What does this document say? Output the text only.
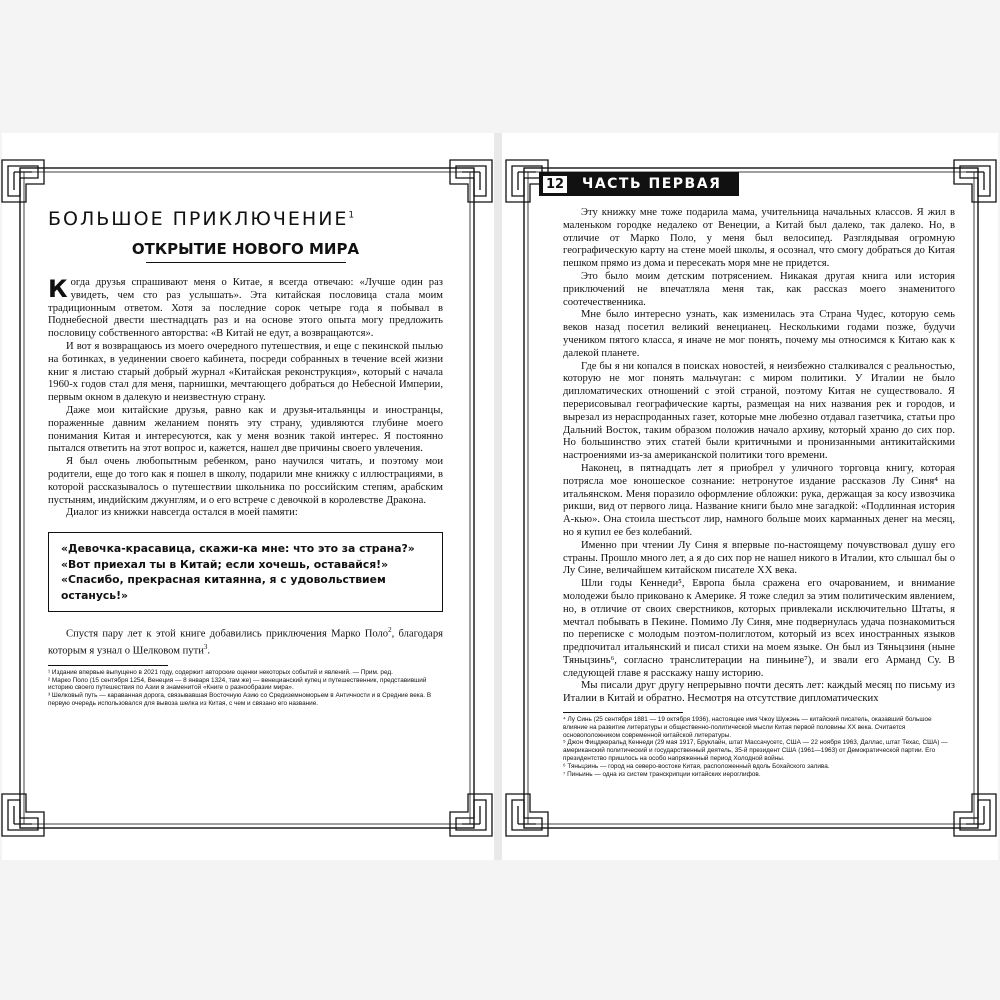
БОЛЬШОЕ ПРИКЛЮЧЕНИЕ$^1$
ОТКРЫТИЕ НОВОГО МИРА

Когда друзья спрашивают меня о Китае, я всегда отвечаю: «Лучше один раз увидеть, чем сто раз услышать». Эта китайская пословица стала моим традиционным ответом. Хотя за последние сорок четыре года я побывал в Поднебесной двести шестнадцать раз и на основе этого опыта могу предложить пословицу собственного авторства: «В Китай не едут, а возвращаются».

И вот я возвращаюсь из моего очередного путешествия, и еще с пекинской пылью на ботинках, в уединении своего кабинета, посреди собранных в течение всей жизни книг я листаю старый добрый журнал «Китайская реконструкция», который с начала 1960-х годов стал для меня, парнишки, мечтающего добраться до Небесной Империи, первым окном в далекую и неизвестную страну.

Даже мои китайские друзья, равно как и друзья-итальянцы и иностранцы, пораженные давним желанием понять эту страну, удивляются глубине моего понимания Китая и интересуются, как у меня возник такой интерес. Я постоянно пытался ответить на этот вопрос и, кажется, нашел две причины своего увлечения.

Я был очень любопытным ребенком, рано научился читать, и поэтому мои родители, еще до того как я пошел в школу, подарили мне книжку с иллюстрациями, в которой рассказывалось о путешествии школьника по российским степям, арабским пустыням, индийским джунглям, и о его встрече с девочкой в королевстве Дракона.

Диалог из книжки навсегда остался в моей памяти:

«Девочка-красавица, скажи-ка мне: что это за страна?»

«Вот приехал ты в Китай; если хочешь, оставайся!»

«Спасибо, прекрасная китаянна, я с удовольствием останусь!»

Спустя пару лет к этой книге добавились приключения Марко Поло$^2$, благодаря которым я узнал о Шелковом пути$^3$.

¹ Издание впервые выпущено в 2021 году, содержит авторские оценки некоторых событий и явлений. — Прим. ред.

² Марко Поло (15 сентября 1254, Венеция — 8 января 1324, там же) — венецианский купец и путешественник, представивший историю своего путешествия по Азии в знаменитой «Книге о разнообразии мира».

³ Шелковый путь — караванная дорога, связывавшая Восточную Азию со Средиземноморьем в Античности и в Средние века. В первую очередь использовался для вывоза шелка из Китая, с чем и связано его название.

12 ЧАСТЬ ПЕРВАЯ

Эту книжку мне тоже подарила мама, учительница начальных классов. Я жил в маленьком городке недалеко от Венеции, а Китай был далеко, так далеко. Но, в отличие от Марко Поло, у меня был велосипед. Разглядывая огромную географическую карту на стене моей школы, я осознал, что смогу добраться до Китая пешком прямо из дома и пересекать моря мне не придется.

Это было моим детским потрясением. Никакая другая книга или история приключений не впечатляла меня так, как рассказ моего знаменитого соотечественника.

Мне было интересно узнать, как изменилась эта Страна Чудес, которую семь веков назад посетил великий венецианец. Несколькими годами позже, будучи учеником пятого класса, я иначе не мог понять, почему мы относимся к Китаю как к далекой планете.

Где бы я ни копался в поисках новостей, я неизбежно сталкивался с реальностью, которую не мог понять мальчуган: с миром политики. У Италии не было дипломатических отношений с этой страной, поэтому Китая не существовало. Я перерисовывал географические карты, размещая на них названия рек и городов, и вырезал из нераспроданных газет, которые мне любезно отдавал газетчика, статьи про Дальний Восток, таким образом положив начало архиву, который храню до сих пор. Но большинство этих статей были критичными и пронизанными антикитайскими настроениями из-за американской политики того времени.

Наконец, в пятнадцать лет я приобрел у уличного торговца книгу, которая потрясла мое юношеское сознание: нетронутое издание рассказов Лу Синя⁴ на итальянском. Меня поразило оформление обложки: рука, держащая за косу извозчика рикши, вид от первого лица. Название книги было мне загадкой: «Подлинная история А-кью». Она стоила шестьсот лир, намного больше моих карманных денег на месяц, но я купил ее без колебаний.

Именно при чтении Лу Синя я впервые по-настоящему почувствовал душу его страны. Прошло много лет, а я до сих пор не нашел никого в Италии, кто слышал бы о Лу Сине, величайшем китайском писателе XX века.

Шли годы Кеннеди⁵, Европа была сражена его очарованием, и внимание молодежи было приковано к Америке. Я тоже следил за этим политическим явлением, но, в отличие от своих сверстников, которых привлекали исключительно Штаты, я мечтал побывать в Пекине. Помимо Лу Синя, мне подвернулась удача познакомиться по переписке с молодым поэтом-полиглотом, который из всех иностранных языков предпочитал итальянский и писал стихи на моем языке. Он был из Тяньцзиня (ныне Тяньцзинь⁶, согласно транслитерации на пиньине⁷), и звали его Арманд Су. В следующей главе я расскажу нашу историю.

Мы писали друг другу непрерывно почти десять лет: каждый месяц по письму из Италии в Китай и обратно. Несмотря на отсутствие дипломатических

⁴ Лу Синь (25 сентября 1881 — 19 октября 1936), настоящее имя Чжоу Шужэнь — китайский писатель, оказавший большое влияние на развитие литературы и общественно-политической мысли Китая первой половины XX века. Считается основоположником современной китайской литературы.

⁵ Джон Фицджеральд Кеннеди (29 мая 1917, Бруклайн, штат Массачусетс, США — 22 ноября 1963, Даллас, штат Техас, США) — американский политический и государственный деятель, 35-й президент США (1961—1963) от Демократической партии. Его президентство пришлось на особо напряженный период Холодной войны.

⁶ Тяньцзинь — город на северо-востоке Китая, расположенный вдоль Бохайского залива.

⁷ Пиньинь — одна из систем транскрипции китайских иероглифов.
